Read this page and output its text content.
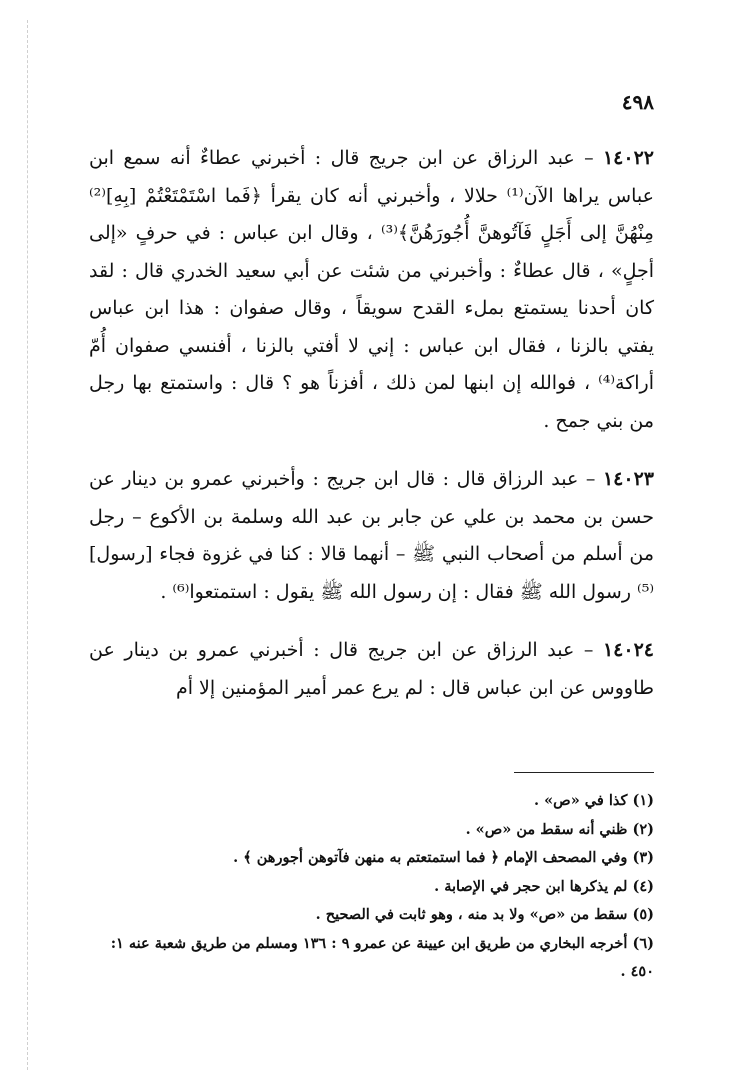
٤٩٨

١٤٠٢٢ – عبد الرزاق عن ابن جريج قال : أخبرني عطاءٌ أنه سمع ابن عباس يراها الآن⁽¹⁾ حلالا ، وأخبرني أنه كان يقرأ ﴿فَما اسْتَمْتَعْتُمْ [بِهِ]⁽²⁾ مِنْهُنَّ إلى أَجَلٍ فَآتُوهنَّ أُجُورَهُنَّ﴾⁽³⁾ ، وقال ابن عباس : في حرفٍ «إلى أجلٍ» ، قال عطاءٌ : وأخبرني من شئت عن أبي سعيد الخدري قال : لقد كان أحدنا يستمتع بملء القدح سويقاً ، وقال صفوان : هذا ابن عباس يفتي بالزنا ، فقال ابن عباس : إني لا أفتي بالزنا ، أفنسي صفوان أُمّ أراكة⁽⁴⁾ ، فوالله إن ابنها لمن ذلك ، أفزناً هو ؟ قال : واستمتع بها رجل من بني جمح .

١٤٠٢٣ – عبد الرزاق قال : قال ابن جريج : وأخبرني عمرو بن دينار عن حسن بن محمد بن علي عن جابر بن عبد الله وسلمة بن الأكوع – رجل من أسلم من أصحاب النبي ﷺ – أنهما قالا : كنا في غزوة فجاء [رسول]⁽⁵⁾ رسول الله ﷺ فقال : إن رسول الله ﷺ يقول : استمتعوا⁽⁶⁾ .

١٤٠٢٤ – عبد الرزاق عن ابن جريج قال : أخبرني عمرو بن دينار عن طاووس عن ابن عباس قال : لم يرع عمر أمير المؤمنين إلا أم

(١) كذا في «ص» .

(٢) ظني أنه سقط من «ص» .

(٣) وفي المصحف الإمام ﴿ فما استمتعتم به منهن فآتوهن أجورهن ﴾ .

(٤) لم يذكرها ابن حجر في الإصابة .

(٥) سقط من «ص» ولا بد منه ، وهو ثابت في الصحيح .

(٦) أخرجه البخاري من طريق ابن عيينة عن عمرو ٩ : ١٣٦ ومسلم من طريق شعبة عنه ١: ٤٥٠ .
